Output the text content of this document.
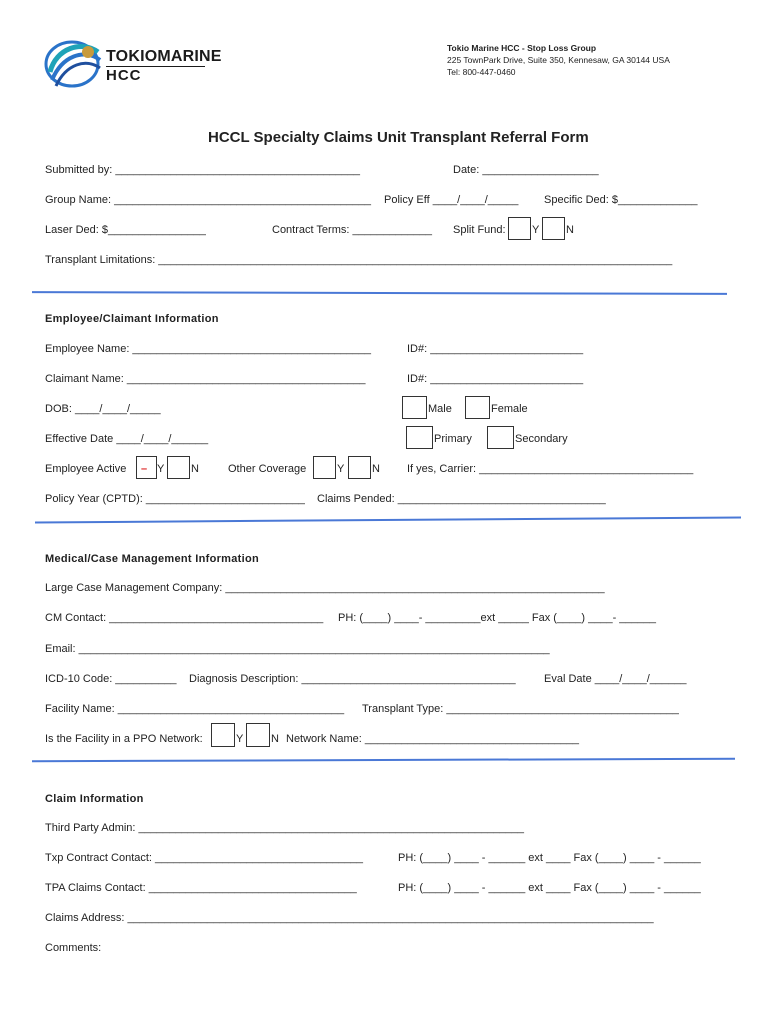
TOKIOMARINE
HCC
Tokio Marine HCC - Stop Loss Group
225 TownPark Drive, Suite 350, Kennesaw, GA 30144 USA
Tel: 800-447-0460
HCCL Specialty Claims Unit Transplant Referral Form
Submitted by: ________________________________________	Date: ___________________
Group Name: __________________________________________ Policy Eff ____/____/_____ Specific Ded: $_____________
Laser Ded: $________________	Contract Terms: _____________ Split Fund: Y N
Transplant Limitations: ____________________________________________________________________________________
Employee/Claimant Information
Employee Name: _______________________________________	ID#: _________________________
Claimant Name: _______________________________________	ID#: _________________________
DOB: ____/____/_____	Male	Female
Effective Date ____/____/______	Primary	Secondary
Employee Active – Y N	Other Coverage	Y	N If yes, Carrier: ___________________________________
Policy Year (CPTD): __________________________ Claims Pended: __________________________________
Medical/Case Management Information
Large Case Management Company: ______________________________________________________________
CM Contact: ___________________________________ PH: (____) ____- _________ext _____ Fax (____) ____- ______
Email: _____________________________________________________________________________
ICD-10 Code: __________ Diagnosis Description: ___________________________________	Eval Date ____/____/______
Facility Name: _____________________________________ Transplant Type: ______________________________________
Is the Facility in a PPO Network:	Y	N Network Name: ___________________________________
Claim Information
Third Party Admin: _______________________________________________________________
Txp Contract Contact: __________________________________	PH: (____) ____ - ______ ext ____ Fax (____) ____ - ______
TPA Claims Contact: __________________________________	PH: (____) ____ - ______ ext ____ Fax (____) ____ - ______
Claims Address: ______________________________________________________________________________________
Comments:
